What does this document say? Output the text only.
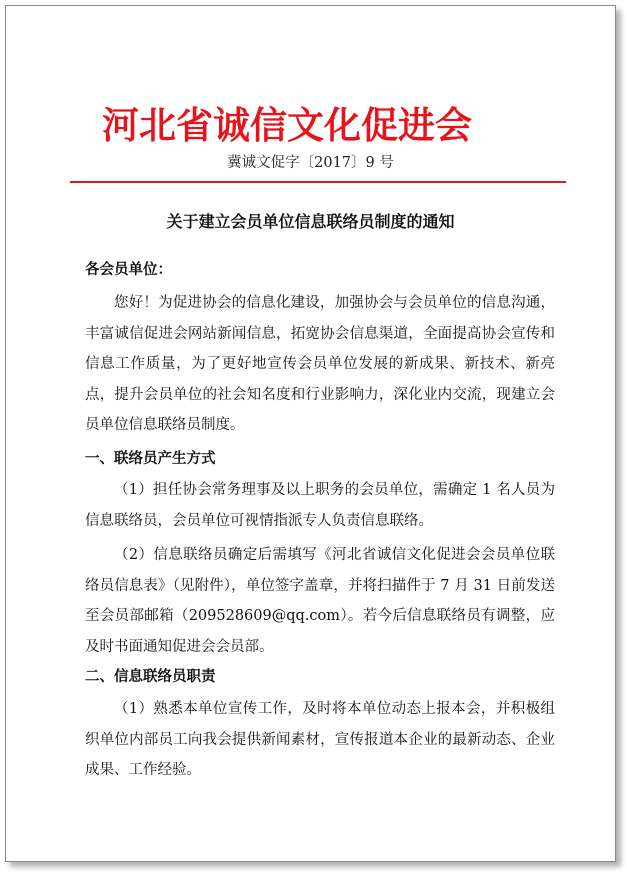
河北省诚信文化促进会
冀诚文促字〔2017〕9 号
关于建立会员单位信息联络员制度的通知
各会员单位：

您好！为促进协会的信息化建设，加强协会与会员单位的信息沟通，丰富诚信促进会网站新闻信息，拓宽协会信息渠道，全面提高协会宣传和信息工作质量，为了更好地宣传会员单位发展的新成果、新技术、新亮点，提升会员单位的社会知名度和行业影响力，深化业内交流，现建立会员单位信息联络员制度。

一、联络员产生方式

（1）担任协会常务理事及以上职务的会员单位，需确定 1 名人员为信息联络员，会员单位可视情指派专人负责信息联络。

（2）信息联络员确定后需填写《河北省诚信文化促进会会员单位联络员信息表》（见附件），单位签字盖章，并将扫描件于 7 月 31 日前发送至会员部邮箱（209528609@qq.com）。若今后信息联络员有调整，应及时书面通知促进会会员部。

二、信息联络员职责

（1）熟悉本单位宣传工作，及时将本单位动态上报本会，并积极组织单位内部员工向我会提供新闻素材，宣传报道本企业的最新动态、企业成果、工作经验。
